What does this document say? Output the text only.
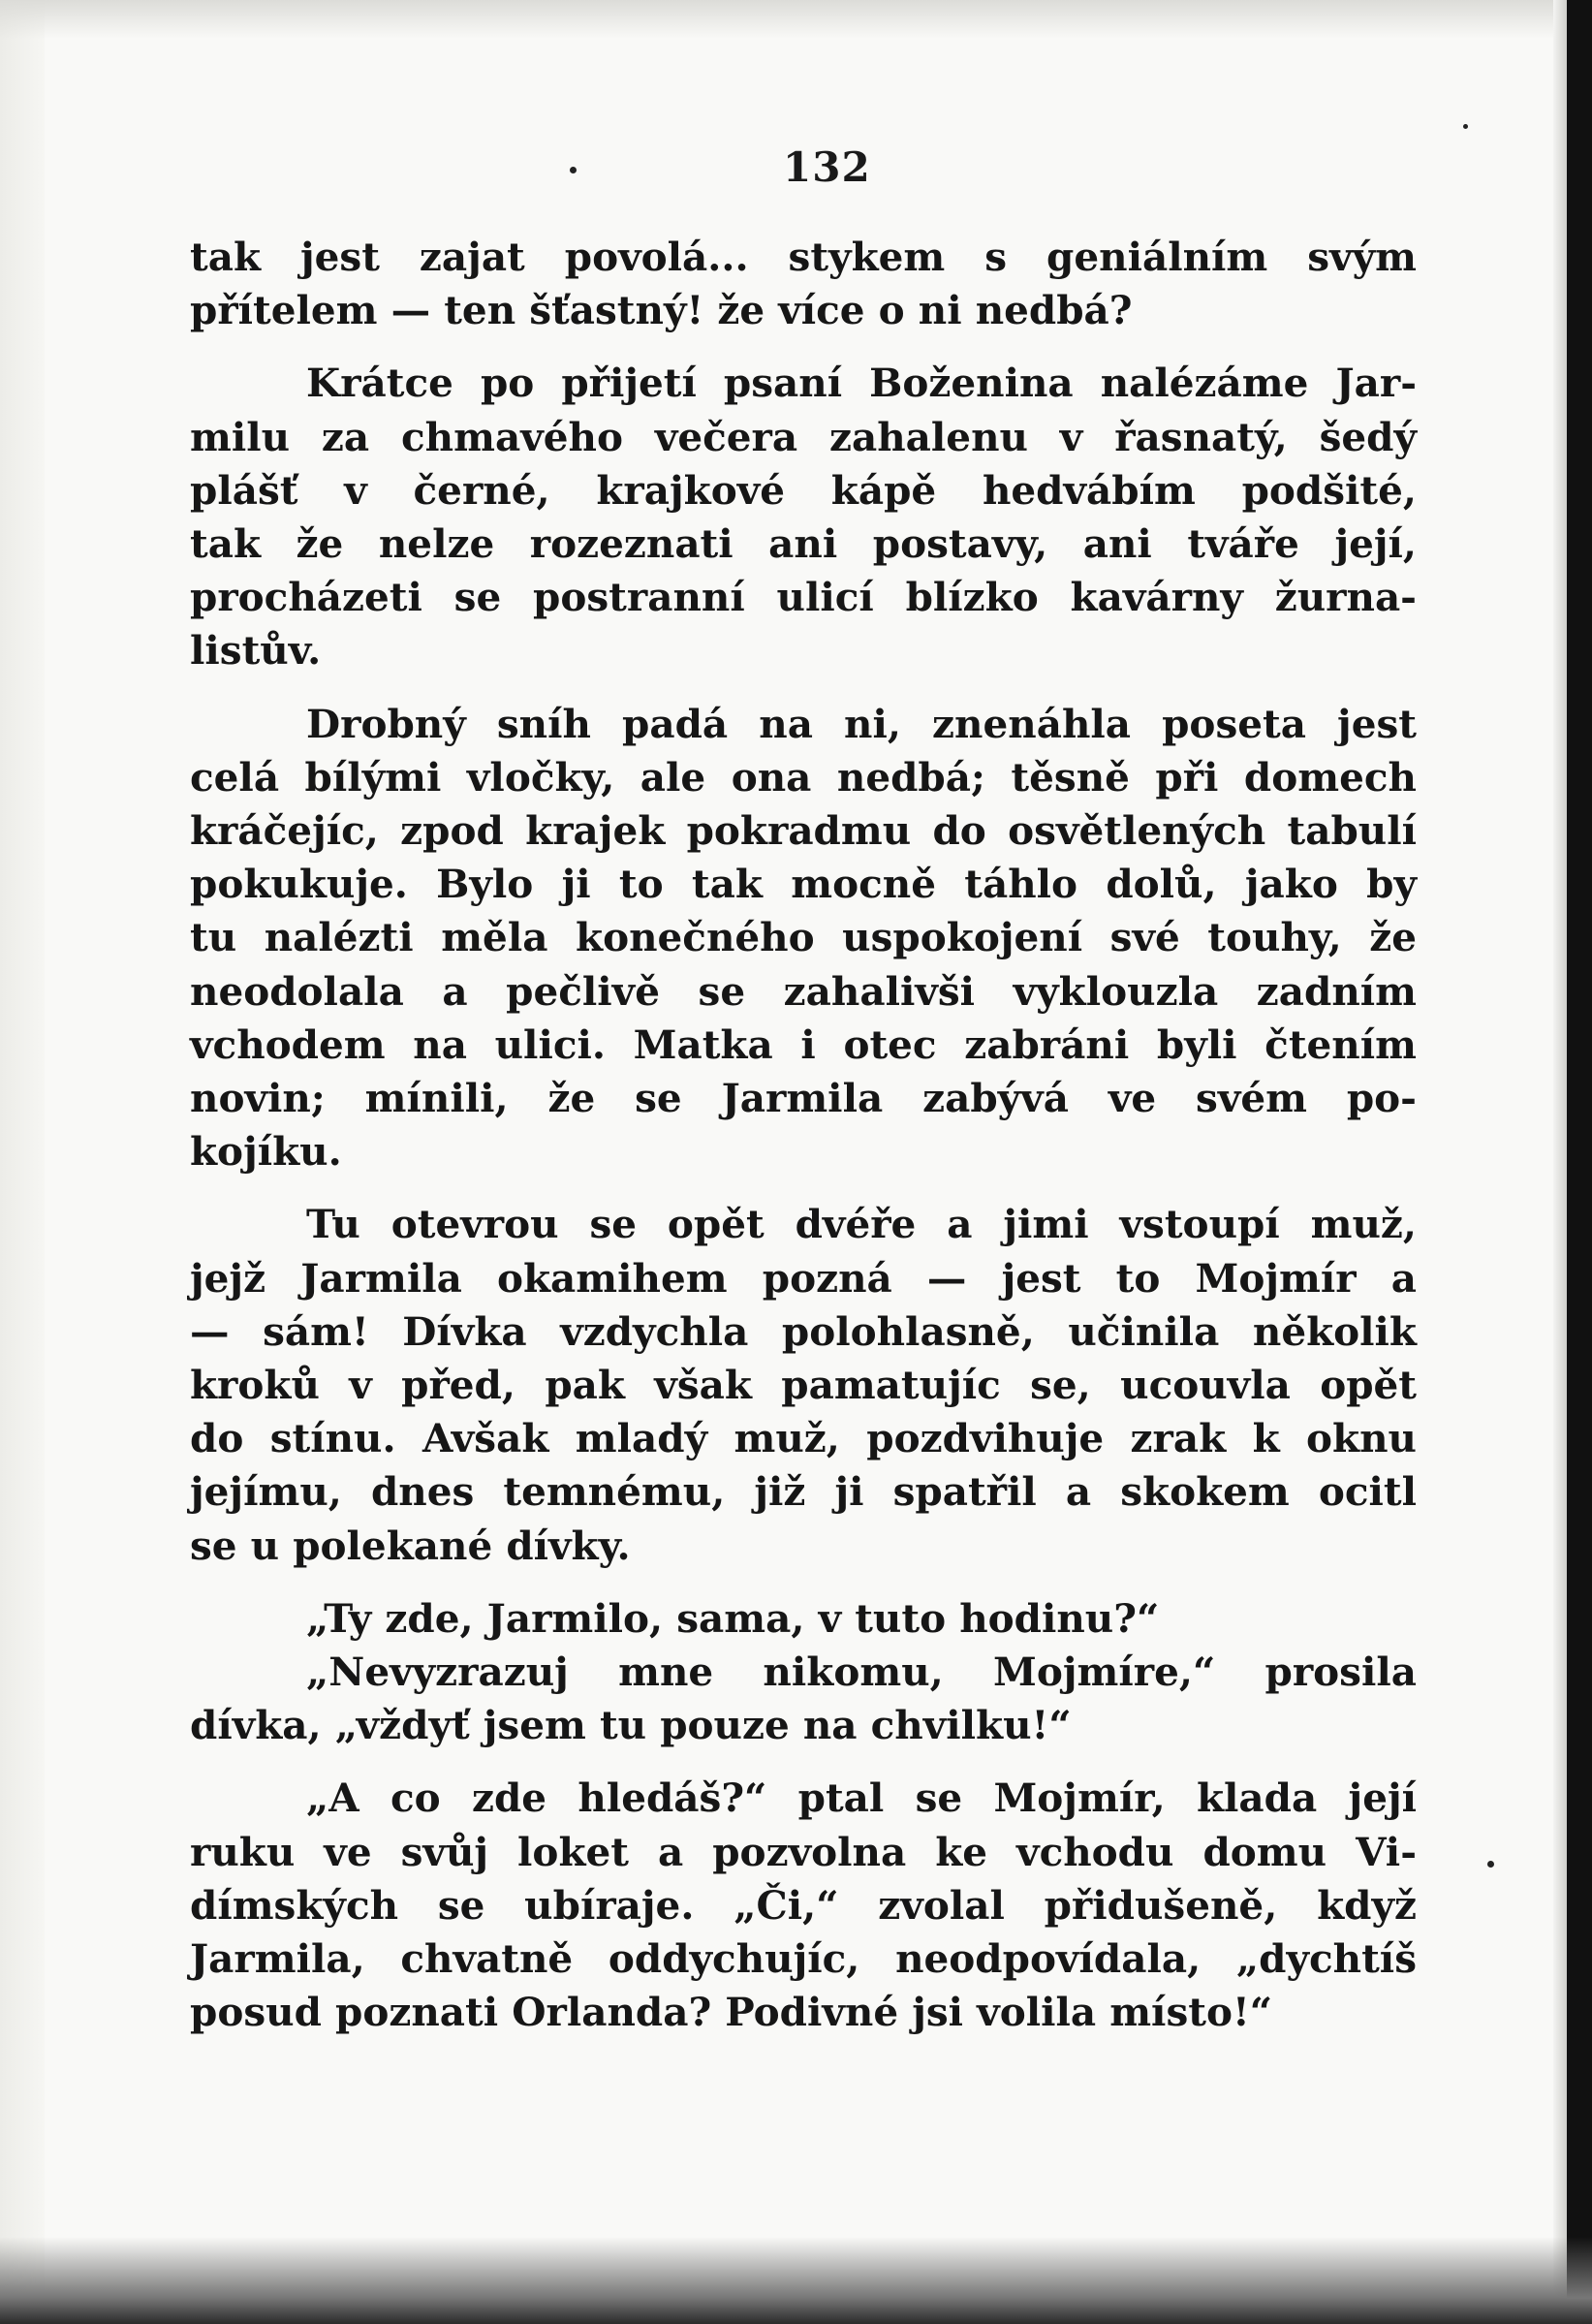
132

tak jest zajat povolá... stykem s geniálním svým
přítelem — ten šťastný! že více o ni nedbá?

Krátce po přijetí psaní Boženina nalézáme Jar-
milu za chmavého večera zahalenu v řasnatý, šedý
plášť v černé, krajkové kápě hedvábím podšité,
tak že nelze rozeznati ani postavy, ani tváře její,
procházeti se postranní ulicí blízko kavárny žurna-
listův.

Drobný sníh padá na ni, znenáhla poseta jest
celá bílými vločky, ale ona nedbá; těsně při domech
kráčejíc, zpod krajek pokradmu do osvětlených tabulí
pokukuje. Bylo ji to tak mocně táhlo dolů, jako by
tu nalézti měla konečného uspokojení své touhy, že
neodolala a pečlivě se zahalivši vyklouzla zadním
vchodem na ulici. Matka i otec zabráni byli čtením
novin; mínili, že se Jarmila zabývá ve svém po-
kojíku.

Tu otevrou se opět dvéře a jimi vstoupí muž,
jejž Jarmila okamihem pozná — jest to Mojmír a
— sám! Dívka vzdychla polohlasně, učinila několik
kroků v před, pak však pamatujíc se, ucouvla opět
do stínu. Avšak mladý muž, pozdvihuje zrak k oknu
jejímu, dnes temnému, již ji spatřil a skokem ocitl
se u polekané dívky.

„Ty zde, Jarmilo, sama, v tuto hodinu?“

„Nevyzrazuj mne nikomu, Mojmíre,“ prosila
dívka, „vždyť jsem tu pouze na chvilku!“

„A co zde hledáš?“ ptal se Mojmír, klada její
ruku ve svůj loket a pozvolna ke vchodu domu Vi-
dímských se ubíraje. „Či,“ zvolal přidušeně, když
Jarmila, chvatně oddychujíc, neodpovídala, „dychtíš
posud poznati Orlanda? Podivné jsi volila místo!“
